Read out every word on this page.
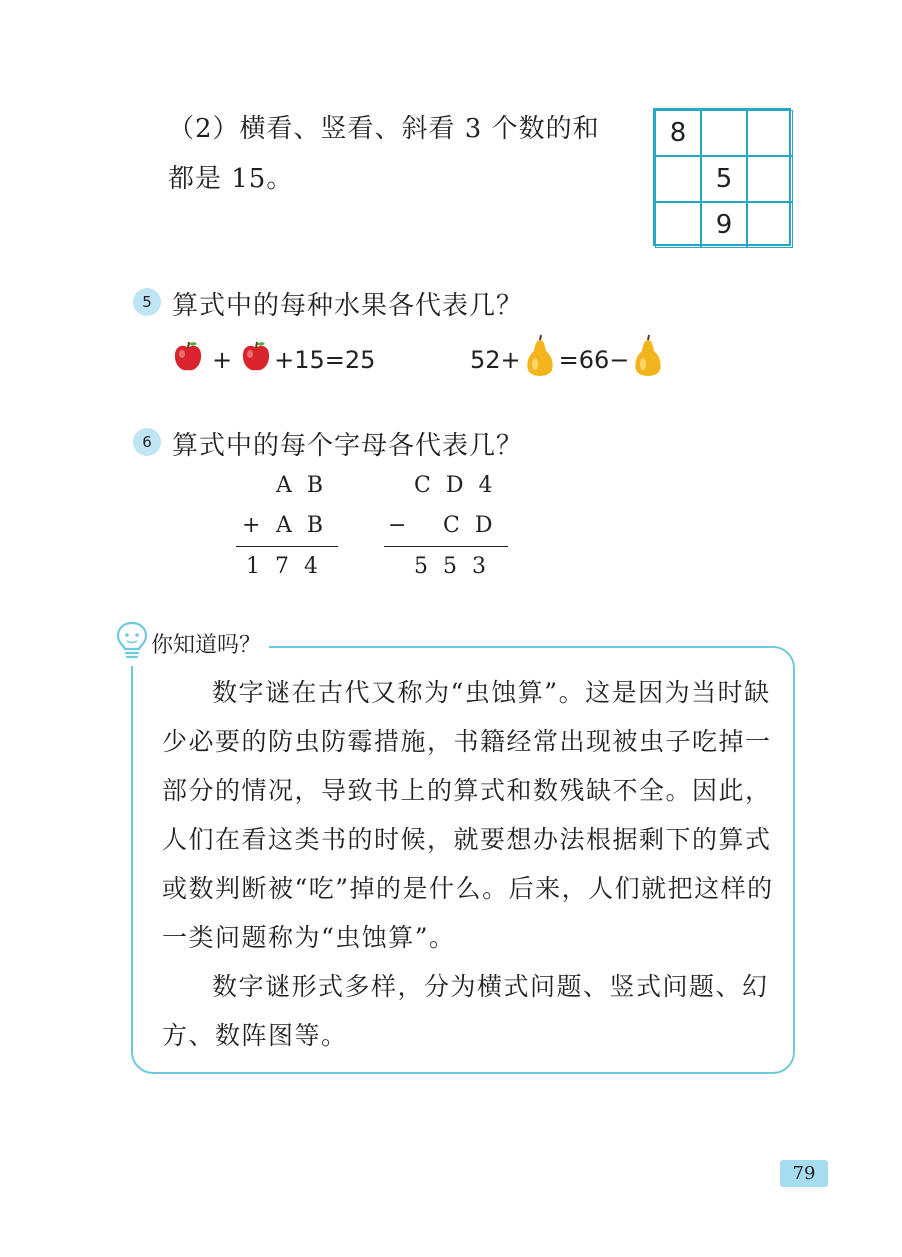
（2）横看、竖看、斜看 3 个数的和
都是 15。
8
5
9
5 算式中的每种水果各代表几？
+ +15=25	52+ =66−
6 算式中的每个字母各代表几？
A B
+ A B
1 7 4
C D 4
− C D
5 5 3
你知道吗？

数字谜在古代又称为“虫蚀算”。这是因为当时缺少必要的防虫防霉措施，书籍经常出现被虫子吃掉一部分的情况，导致书上的算式和数残缺不全。因此，人们在看这类书的时候，就要想办法根据剩下的算式或数判断被“吃”掉的是什么。后来，人们就把这样的一类问题称为“虫蚀算”。

数字谜形式多样，分为横式问题、竖式问题、幻方、数阵图等。

79
